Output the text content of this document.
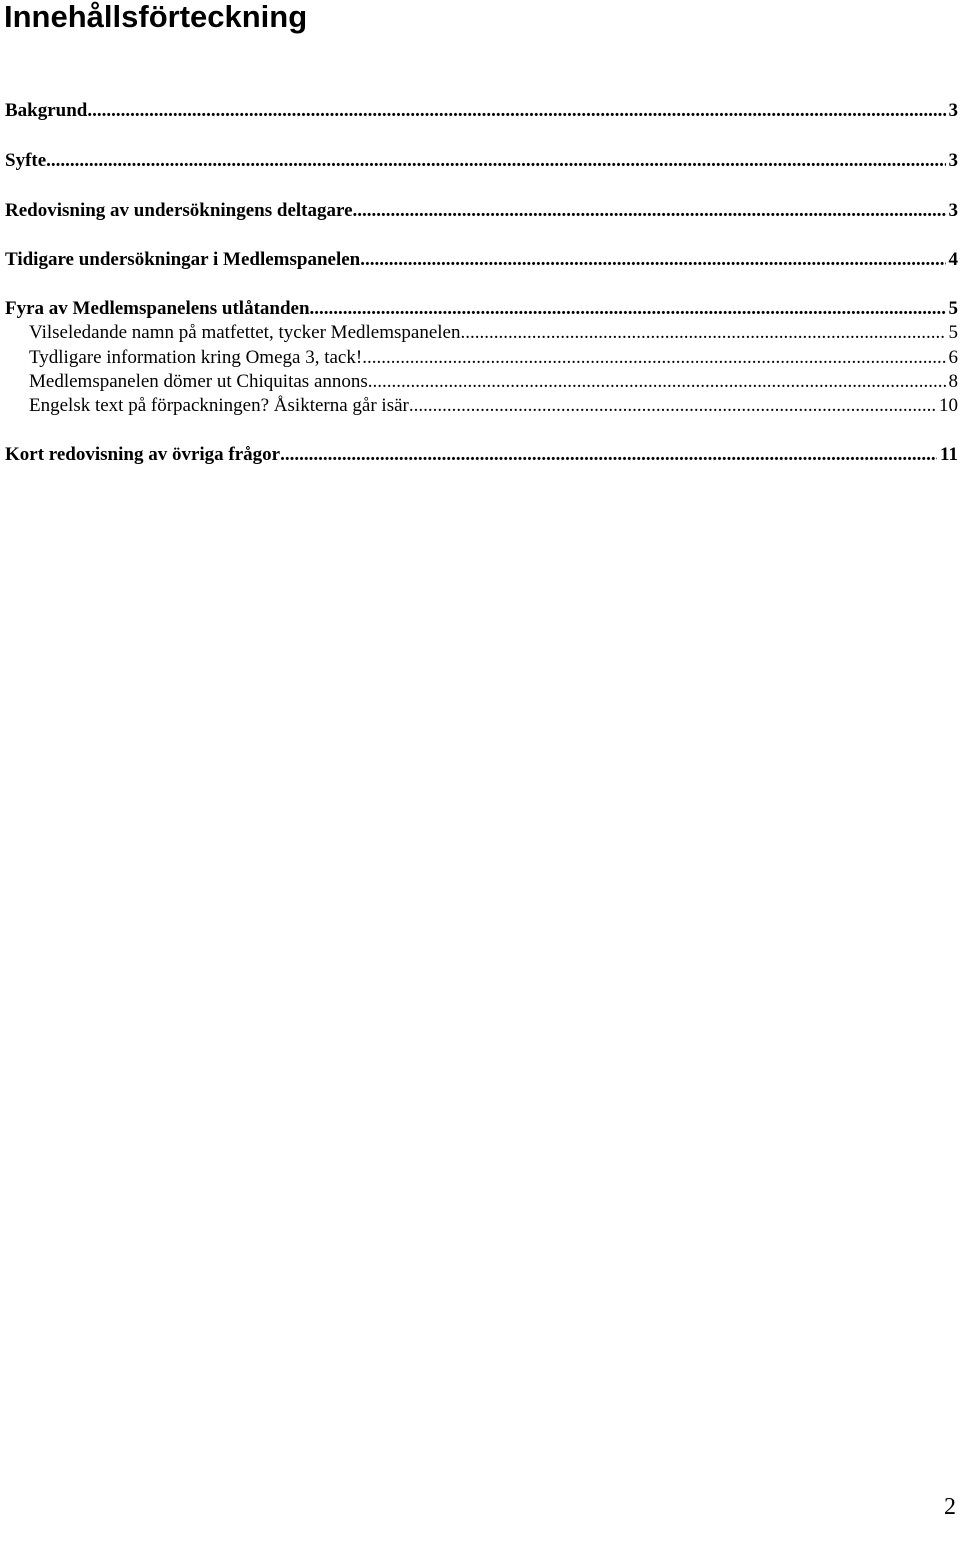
Innehållsförteckning
Bakgrund .....	3
Syfte .....	3
Redovisning av undersökningens deltagare .....	3
Tidigare undersökningar i Medlemspanelen .....	4
Fyra av Medlemspanelens utlåtanden .....	5
Vilseledande namn på matfettet, tycker Medlemspanelen .....	5
Tydligare information kring Omega 3, tack! .....	6
Medlemspanelen dömer ut Chiquitas annons .....	8
Engelsk text på förpackningen? Åsikterna går isär .....	10
Kort redovisning av övriga frågor .....	11
2
